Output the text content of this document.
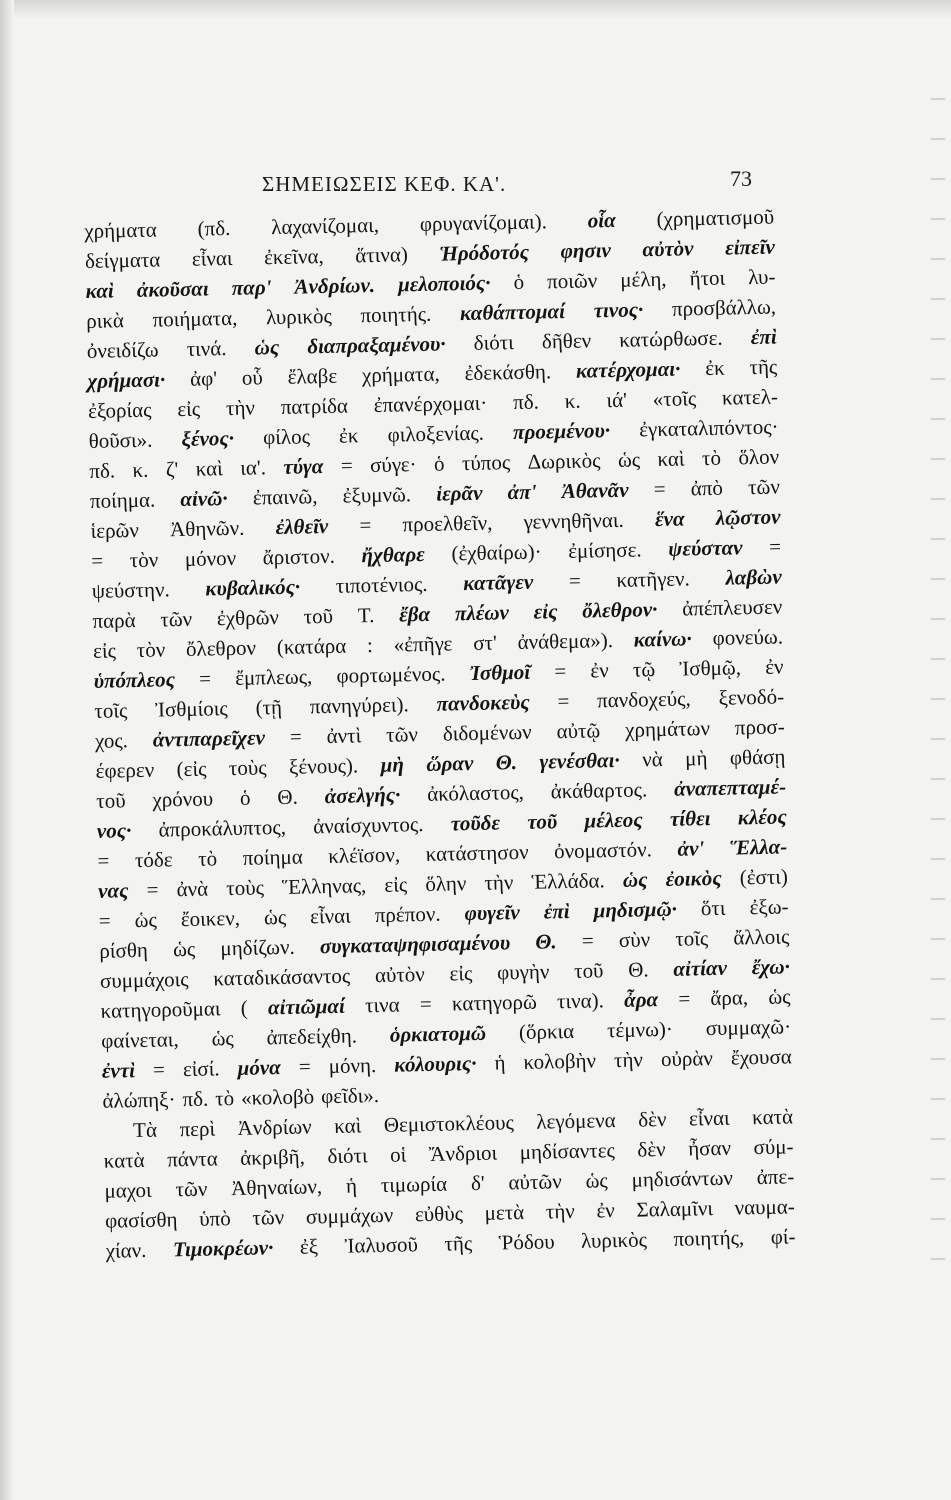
ΣΗΜΕΙΩΣΕΙΣ ΚΕΦ. ΚΑ'.	73
χρήματα (πδ. λαχανίζομαι, φρυγανίζομαι). οἷα (χρηματισμοῦ
δείγματα εἶναι ἐκεῖνα, ἅτινα) Ἡρόδοτός φησιν αὐτὸν εἰπεῖν
καὶ ἀκοῦσαι παρ' Ἀνδρίων. μελοποιός· ὁ ποιῶν μέλη, ἤτοι λυ-
ρικὰ ποιήματα, λυρικὸς ποιητής. καθάπτομαί τινος· προσβάλλω,
ὀνειδίζω τινά. ὡς διαπραξαμένου· διότι δῆθεν κατώρθωσε. ἐπὶ
χρήμασι· ἀφ' οὗ ἔλαβε χρήματα, ἐδεκάσθη. κατέρχομαι· ἐκ τῆς
ἐξορίας εἰς τὴν πατρίδα ἐπανέρχομαι· πδ. κ. ιά' «τοῖς κατελ-
θοῦσι». ξένος· φίλος ἐκ φιλοξενίας. προεμένου· ἐγκαταλιπόντος·
πδ. κ. ζ' καὶ ια'. τύγα = σύγε· ὁ τύπος Δωρικὸς ὡς καὶ τὸ ὅλον
ποίημα. αἰνῶ· ἐπαινῶ, ἐξυμνῶ. ἱερᾶν ἀπ' Ἀθανᾶν = ἀπὸ τῶν
ἱερῶν Ἀθηνῶν. ἐλθεῖν = προελθεῖν, γεννηθῆναι. ἕνα λῷστον
= τὸν μόνον ἄριστον. ἤχθαρε (ἐχθαίρω)· ἐμίσησε. ψεύσταν =
ψεύστην. κυβαλικός· τιποτένιος. κατᾶγεν = κατῆγεν. λαβὼν
παρὰ τῶν ἐχθρῶν τοῦ Τ. ἔβα πλέων εἰς ὄλεθρον· ἀπέπλευσεν
εἰς τὸν ὄλεθρον (κατάρα : «ἐπῆγε στ' ἀνάθεμα»). καίνω· φονεύω.
ὑπόπλεος = ἔμπλεως, φορτωμένος. Ἰσθμοῖ = ἐν τῷ Ἰσθμῷ, ἐν
τοῖς Ἰσθμίοις (τῇ πανηγύρει). πανδοκεὺς = πανδοχεύς, ξενοδό-
χος. ἀντιπαρεῖχεν = ἀντὶ τῶν διδομένων αὐτῷ χρημάτων προσ-
έφερεν (εἰς τοὺς ξένους). μὴ ὥραν Θ. γενέσθαι· νὰ μὴ φθάσῃ
τοῦ χρόνου ὁ Θ. ἀσελγής· ἀκόλαστος, ἀκάθαρτος. ἀναπεπταμέ-
νος· ἀπροκάλυπτος, ἀναίσχυντος. τοῦδε τοῦ μέλεος τίθει κλέος
= τόδε τὸ ποίημα κλέϊσον, κατάστησον ὀνομαστόν. ἀν' Ἕλλα-
νας = ἀνὰ τοὺς Ἕλληνας, εἰς ὅλην τὴν Ἑλλάδα. ὡς ἐοικὸς (ἐστι)
= ὡς ἔοικεν, ὡς εἶναι πρέπον. φυγεῖν ἐπὶ μηδισμῷ· ὅτι ἐξω-
ρίσθη ὡς μηδίζων. συγκαταψηφισαμένου Θ. = σὺν τοῖς ἄλλοις
συμμάχοις καταδικάσαντος αὐτὸν εἰς φυγὴν τοῦ Θ. αἰτίαν ἔχω·
κατηγοροῦμαι ( αἰτιῶμαί τινα = κατηγορῶ τινα). ἆρα = ἄρα, ὡς
φαίνεται, ὡς ἀπεδείχθη. ὁρκιατομῶ (ὅρκια τέμνω)· συμμαχῶ·
ἐντὶ = εἰσί. μόνα = μόνη. κόλουρις· ἡ κολοβὴν τὴν οὐρὰν ἔχουσα
ἀλώπηξ· πδ. τὸ «κολοβὸ φεῖδι».
Τὰ περὶ Ἀνδρίων καὶ Θεμιστοκλέους λεγόμενα δὲν εἶναι κατὰ
κατὰ πάντα ἀκριβῆ, διότι οἱ Ἄνδριοι μηδίσαντες δὲν ἦσαν σύμ-
μαχοι τῶν Ἀθηναίων, ἡ τιμωρία δ' αὐτῶν ὡς μηδισάντων ἀπε-
φασίσθη ὑπὸ τῶν συμμάχων εὐθὺς μετὰ τὴν ἐν Σαλαμῖνι ναυμα-
χίαν. Τιμοκρέων· ἐξ Ἰαλυσοῦ τῆς Ῥόδου λυρικὸς ποιητής, φί-
